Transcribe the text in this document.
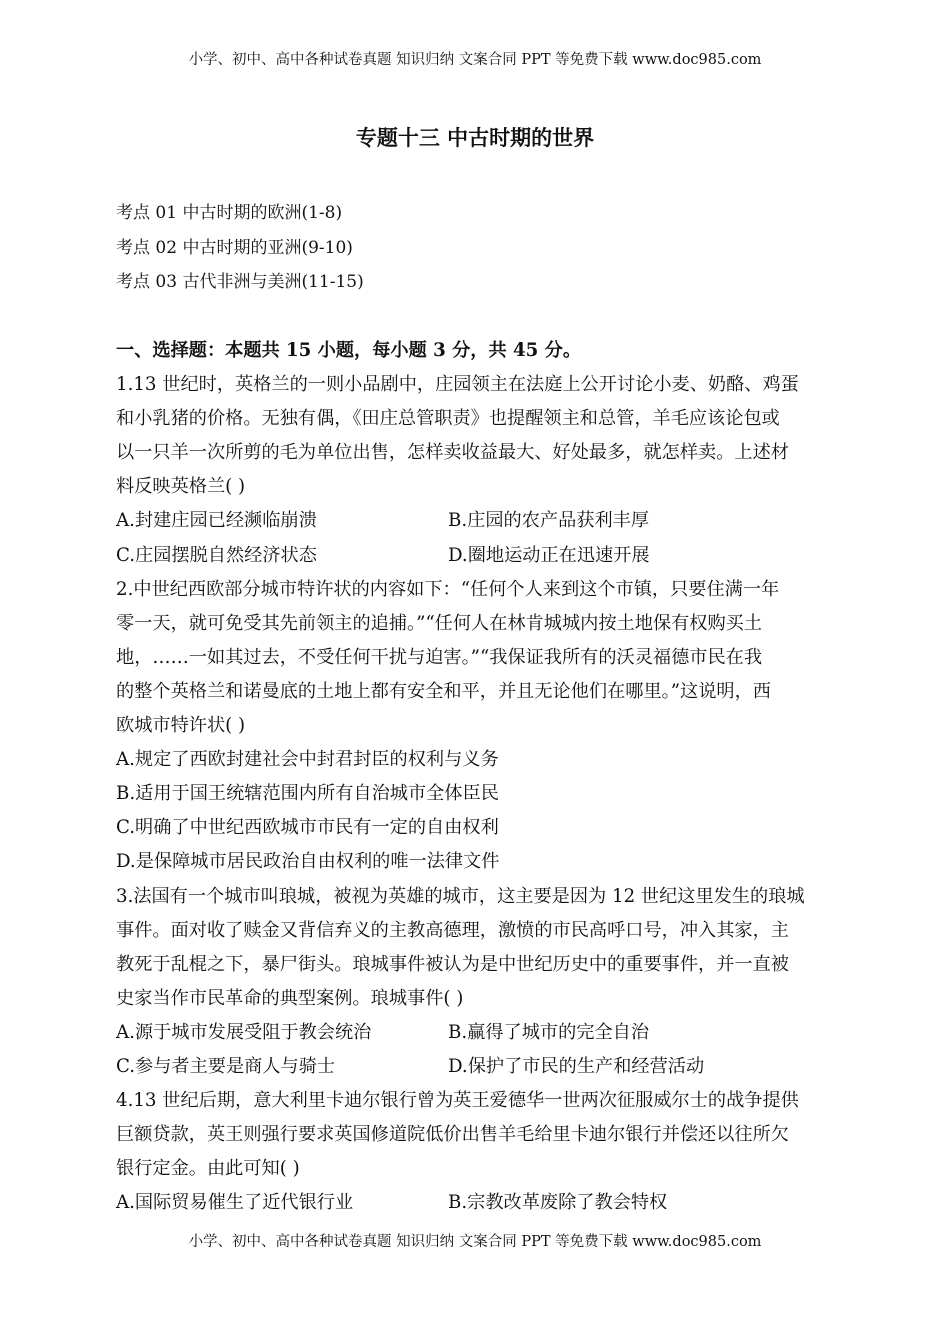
小学、初中、高中各种试卷真题 知识归纳 文案合同 PPT 等免费下载 www.doc985.com
专题十三 中古时期的世界
考点 01 中古时期的欧洲(1-8)
考点 02 中古时期的亚洲(9-10)
考点 03 古代非洲与美洲(11-15)
一、选择题：本题共 15 小题，每小题 3 分，共 45 分。
1.13 世纪时，英格兰的一则小品剧中，庄园领主在法庭上公开讨论小麦、奶酪、鸡蛋
和小乳猪的价格。无独有偶，《田庄总管职责》也提醒领主和总管，羊毛应该论包或
以一只羊一次所剪的毛为单位出售，怎样卖收益最大、好处最多，就怎样卖。上述材
料反映英格兰( )
A.封建庄园已经濒临崩溃	B.庄园的农产品获利丰厚
C.庄园摆脱自然经济状态	D.圈地运动正在迅速开展
2.中世纪西欧部分城市特许状的内容如下：“任何个人来到这个市镇，只要住满一年
零一天，就可免受其先前领主的追捕。”“任何人在林肯城城内按土地保有权购买土
地，……一如其过去，不受任何干扰与迫害。”“我保证我所有的沃灵福德市民在我
的整个英格兰和诺曼底的土地上都有安全和平，并且无论他们在哪里。”这说明，西
欧城市特许状( )
A.规定了西欧封建社会中封君封臣的权利与义务
B.适用于国王统辖范围内所有自治城市全体臣民
C.明确了中世纪西欧城市市民有一定的自由权利
D.是保障城市居民政治自由权利的唯一法律文件
3.法国有一个城市叫琅城，被视为英雄的城市，这主要是因为 12 世纪这里发生的琅城
事件。面对收了赎金又背信弃义的主教高德理，激愤的市民高呼口号，冲入其家，主
教死于乱棍之下，暴尸街头。琅城事件被认为是中世纪历史中的重要事件，并一直被
史家当作市民革命的典型案例。琅城事件( )
A.源于城市发展受阻于教会统治	B.赢得了城市的完全自治
C.参与者主要是商人与骑士	D.保护了市民的生产和经营活动
4.13 世纪后期，意大利里卡迪尔银行曾为英王爱德华一世两次征服威尔士的战争提供
巨额贷款，英王则强行要求英国修道院低价出售羊毛给里卡迪尔银行并偿还以往所欠
银行定金。由此可知( )
A.国际贸易催生了近代银行业	B.宗教改革废除了教会特权
小学、初中、高中各种试卷真题 知识归纳 文案合同 PPT 等免费下载 www.doc985.com
